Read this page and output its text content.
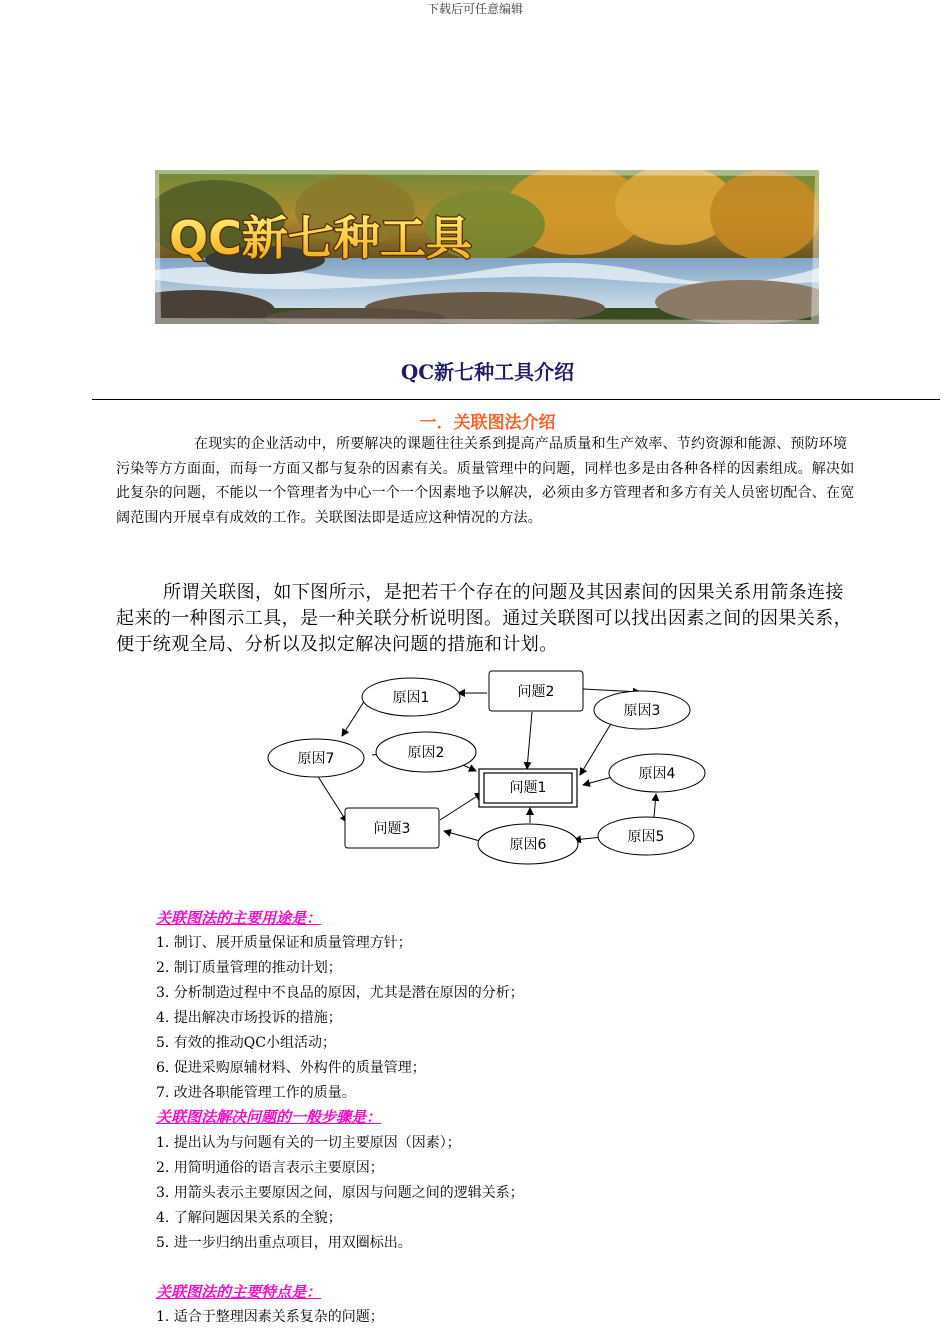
下载后可任意编辑
QC新七种工具
QC新七种工具介绍
一．关联图法介绍
在现实的企业活动中，所要解决的课题往往关系到提高产品质量和生产效率、节约资源和能源、预防环境污染等方方面面，而每一方面又都与复杂的因素有关。质量管理中的问题，同样也多是由各种各样的因素组成。解决如此复杂的问题，不能以一个管理者为中心一个一个因素地予以解决，必须由多方管理者和多方有关人员密切配合、在宽阔范围内开展卓有成效的工作。关联图法即是适应这种情况的方法。
所谓关联图，如下图所示，是把若干个存在的问题及其因素间的因果关系用箭条连接起来的一种图示工具，是一种关联分析说明图。通过关联图可以找出因素之间的因果关系，便于统观全局、分析以及拟定解决问题的措施和计划。
原因1	问题2
原因3
原因7	原因2
问题1
原因4
问题3
原因6	原因5
关联图法的主要用途是：
1. 制订、展开质量保证和质量管理方针；
2. 制订质量管理的推动计划；
3. 分析制造过程中不良品的原因，尤其是潜在原因的分析；
4. 提出解决市场投诉的措施；
5. 有效的推动QC小组活动；
6. 促进采购原辅材料、外构件的质量管理；
7. 改进各职能管理工作的质量。
关联图法解决问题的一般步骤是：
1. 提出认为与问题有关的一切主要原因（因素）；
2. 用简明通俗的语言表示主要原因；
3. 用箭头表示主要原因之间，原因与问题之间的逻辑关系；
4. 了解问题因果关系的全貌；
5. 进一步归纳出重点项目，用双圈标出。
关联图法的主要特点是：
1. 适合于整理因素关系复杂的问题；
